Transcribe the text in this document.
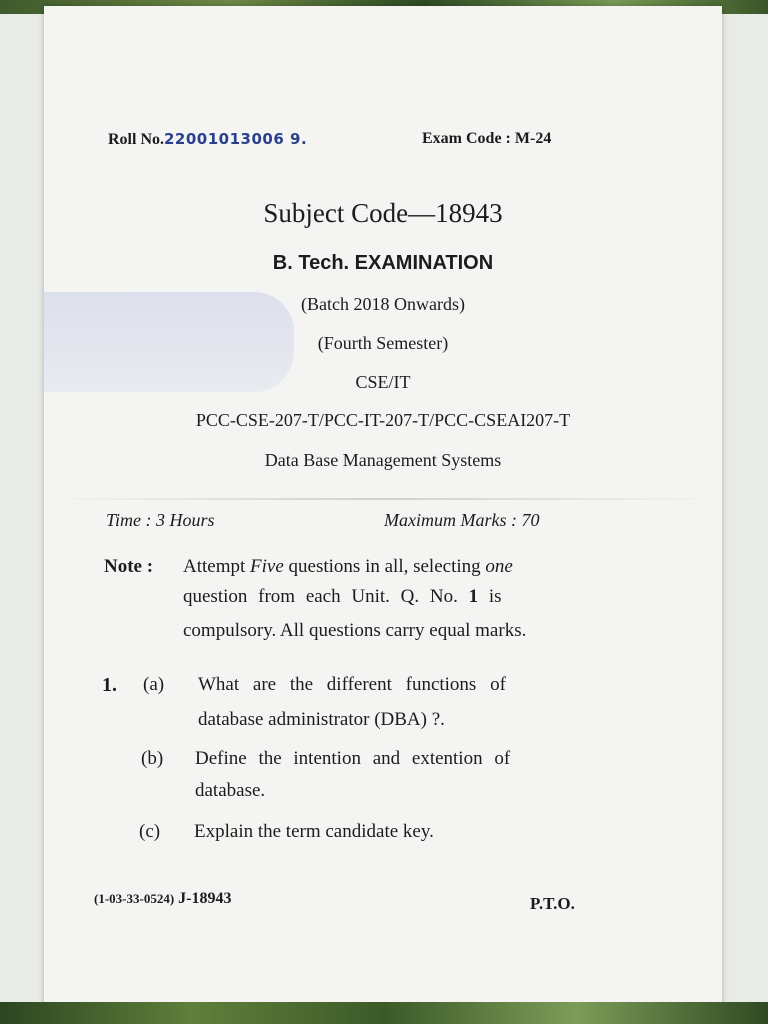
Roll No.22001013006 9.	Exam Code : M-24
Subject Code—18943
B. Tech. EXAMINATION
(Batch 2018 Onwards)
(Fourth Semester)
CSE/IT
PCC-CSE-207-T/PCC-IT-207-T/PCC-CSEAI207-T
Data Base Management Systems
Time : 3 Hours	Maximum Marks : 70
Note : Attempt Five questions in all, selecting one
question from each Unit. Q. No. 1 is
compulsory. All questions carry equal marks.
1. (a) What are the different functions of
database administrator (DBA) ?.
(b) Define the intention and extention of
database.
(c) Explain the term candidate key.
(1-03-33-0524) J-18943	P.T.O.
